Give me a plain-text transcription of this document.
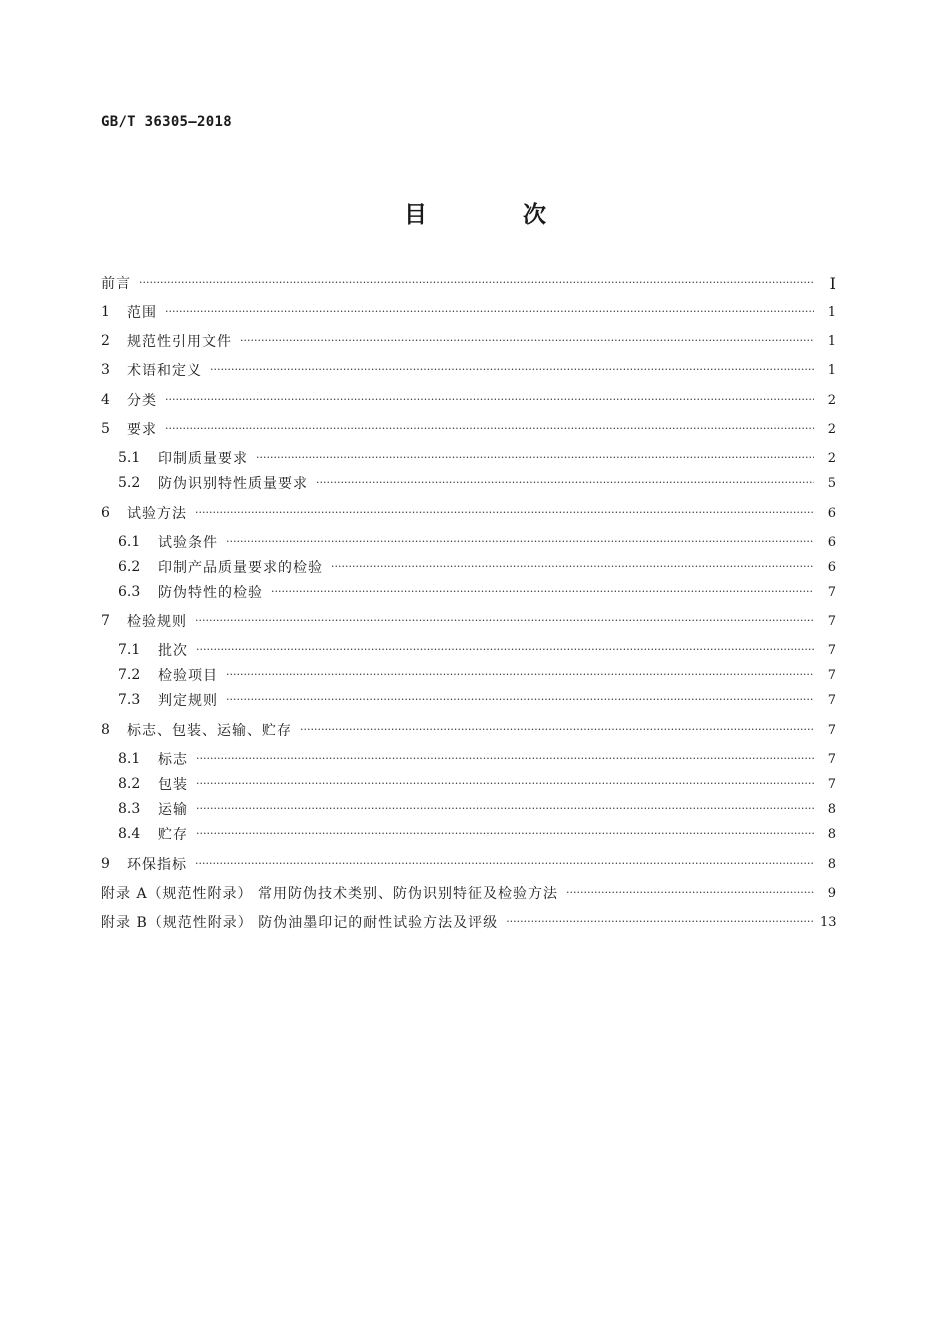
GB/T 36305—2018
目 次
前言 ·····	I
1	范围 ·····	1
2	规范性引用文件 ·····	1
3	术语和定义 ·····	1
4	分类 ·····	2
5	要求 ·····	2
5.1	印制质量要求 ·····	2
5.2	防伪识别特性质量要求 ·····	5
6	试验方法 ·····	6
6.1	试验条件 ·····	6
6.2	印制产品质量要求的检验 ·····	6
6.3	防伪特性的检验 ·····	7
7	检验规则 ·····	7
7.1	批次 ·····	7
7.2	检验项目 ·····	7
7.3	判定规则 ·····	7
8	标志、包装、运输、贮存 ·····	7
8.1	标志 ·····	7
8.2	包装 ·····	7
8.3	运输 ·····	8
8.4	贮存 ·····	8
9	环保指标 ·····	8
附录 A（规范性附录） 常用防伪技术类别、防伪识别特征及检验方法 ·····	9
附录 B（规范性附录） 防伪油墨印记的耐性试验方法及评级 ·····	13
